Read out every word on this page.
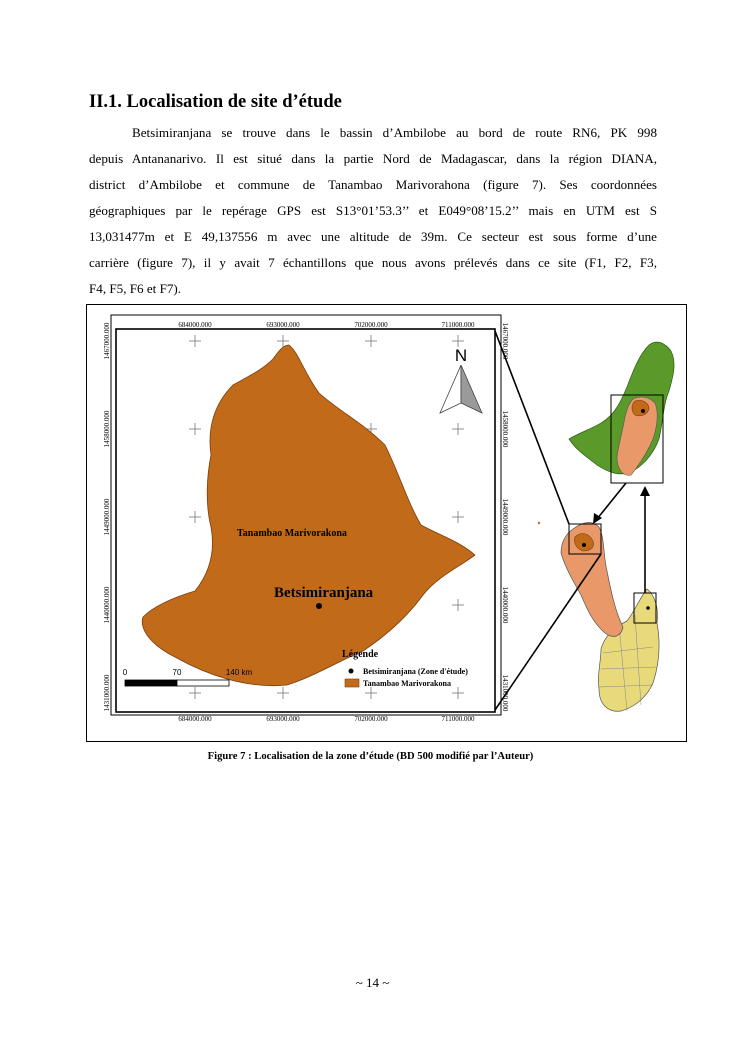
II.1. Localisation de site d’étude

Betsimiranjana se trouve dans le bassin d’Ambilobe au bord de route RN6, PK 998
depuis Antananarivo. Il est situé dans la partie Nord de Madagascar, dans la région DIANA,
district d’Ambilobe et commune de Tanambao Marivorahona (figure 7). Ses coordonnées
géographiques par le repérage GPS est S13°01’53.3’’ et E049°08’15.2’’ mais en UTM est S
13,031477m et E 49,137556 m avec une altitude de 39m. Ce secteur est sous forme d’une
carrière (figure 7), il y avait 7 échantillons que nous avons prélevés dans ce site (F1, F2, F3,
F4, F5, F6 et F7).

684000.000	693000.000	702000.000	711000.000
684000.000	693000.000	702000.000	711000.000
1467000.000
1458000.000
1449000.000
1440000.000
1431000.000
1467000.000
1458000.000
1449000.000
1440000.000
1431000.000
Tanambao Marivorakona
Betsimiranjana
N
0	70	140 km
Légende
Betsimiranjana (Zone d'étude)
Tanambao Marivorakona

Figure 7 : Localisation de la zone d’étude (BD 500 modifié par l’Auteur)

~ 14 ~
